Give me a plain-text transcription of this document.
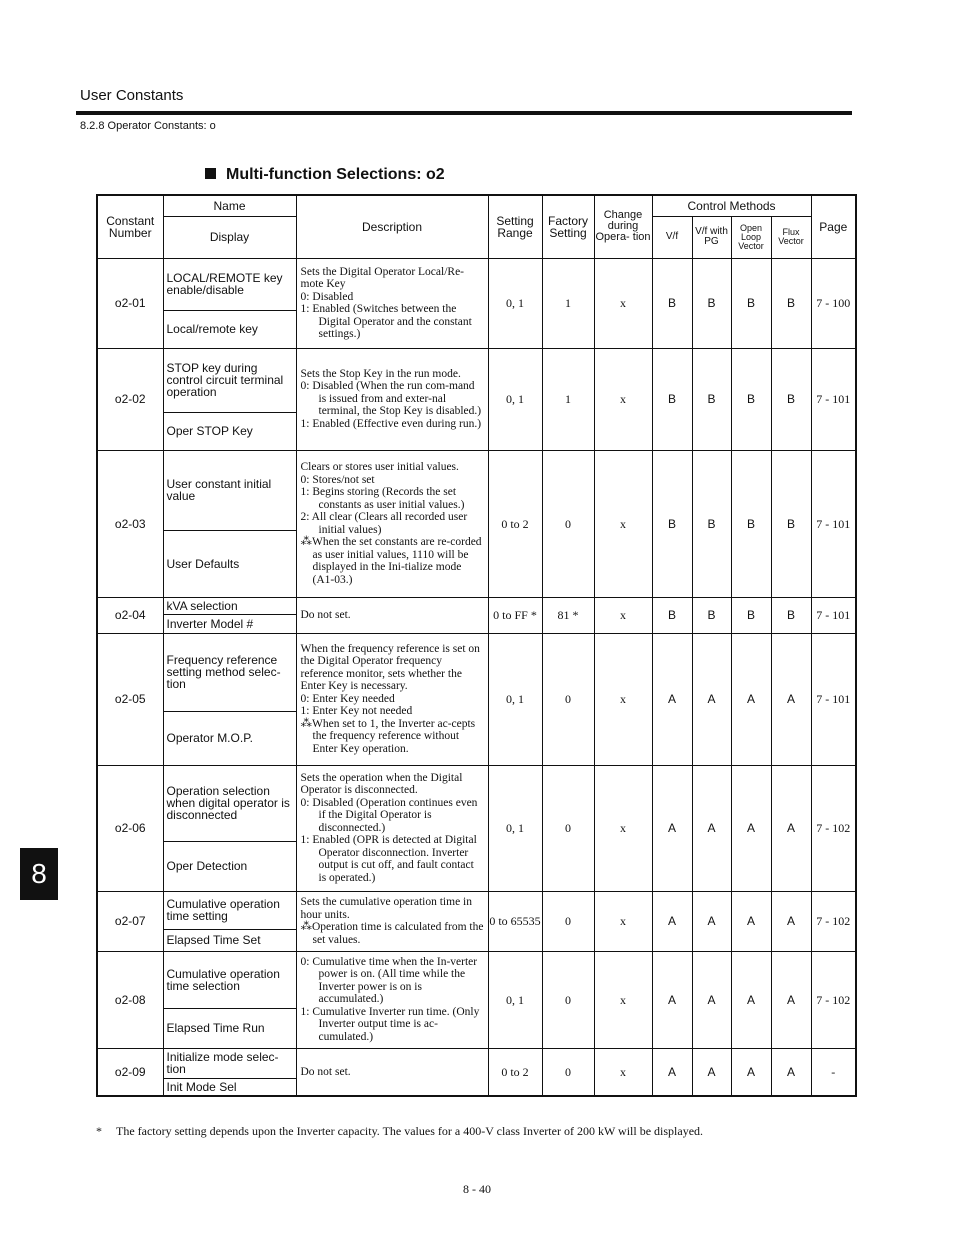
User Constants
8.2.8 Operator Constants: o
Multi-function Selections: o2
8
Constant Number	Name	Description	Setting Range	Factory Setting	Change during Opera- tion	Control Methods				Page
	Display					V/f	V/f with PG	Open Loop Vector	Flux Vector	
o2-01	LOCAL/REMOTE key enable/disable	Sets the Digital Operator Local/Re-mote Key
0: Disabled
1: Enabled (Switches between the Digital Operator and the constant settings.)	0, 1	1	x	B	B	B	B	7 - 100
	Local/remote key									
o2-02	STOP key during control circuit terminal operation	Sets the Stop Key in the run mode.
0: Disabled (When the run com-mand is issued from and exter-nal terminal, the Stop Key is disabled.)
1: Enabled (Effective even during run.)	0, 1	1	x	B	B	B	B	7 - 101
	Oper STOP Key									
o2-03	User constant initial value	Clears or stores user initial values.
0: Stores/not set
1: Begins storing (Records the set constants as user initial values.)
2: All clear (Clears all recorded user initial values)
⁂When the set constants are re-corded as user initial values, 1110 will be displayed in the Ini-tialize mode (A1-03.)	0 to 2	0	x	B	B	B	B	7 - 101
	User Defaults									
o2-04	kVA selection	Do not set.	0 to FF *	81 *	x	B	B	B	B	7 - 101
	Inverter Model #									
o2-05	Frequency reference setting method selec-tion	When the frequency reference is set on the Digital Operator frequency reference monitor, sets whether the Enter Key is necessary.
0: Enter Key needed
1: Enter Key not needed
⁂When set to 1, the Inverter ac-cepts the frequency reference without Enter Key operation.	0, 1	0	x	A	A	A	A	7 - 101
	Operator M.O.P.									
o2-06	Operation selection when digital operator is disconnected	Sets the operation when the Digital Operator is disconnected.
0: Disabled (Operation continues even if the Digital Operator is disconnected.)
1: Enabled (OPR is detected at Digital Operator disconnection. Inverter output is cut off, and fault contact is operated.)	0, 1	0	x	A	A	A	A	7 - 102
	Oper Detection									
o2-07	Cumulative operation time setting	Sets the cumulative operation time in hour units.
⁂Operation time is calculated from the set values.	0 to 65535	0	x	A	A	A	A	7 - 102
	Elapsed Time Set									
o2-08	Cumulative operation time selection	0: Cumulative time when the In-verter power is on. (All time while the Inverter power is on is accumulated.)
1: Cumulative Inverter run time. (Only Inverter output time is ac-cumulated.)	0, 1	0	x	A	A	A	A	7 - 102
	Elapsed Time Run									
o2-09	Initialize mode selec-tion	Do not set.	0 to 2	0	x	A	A	A	A	-
	Init Mode Sel									
* The factory setting depends upon the Inverter capacity. The values for a 400-V class Inverter of 200 kW will be displayed.
8 - 40
